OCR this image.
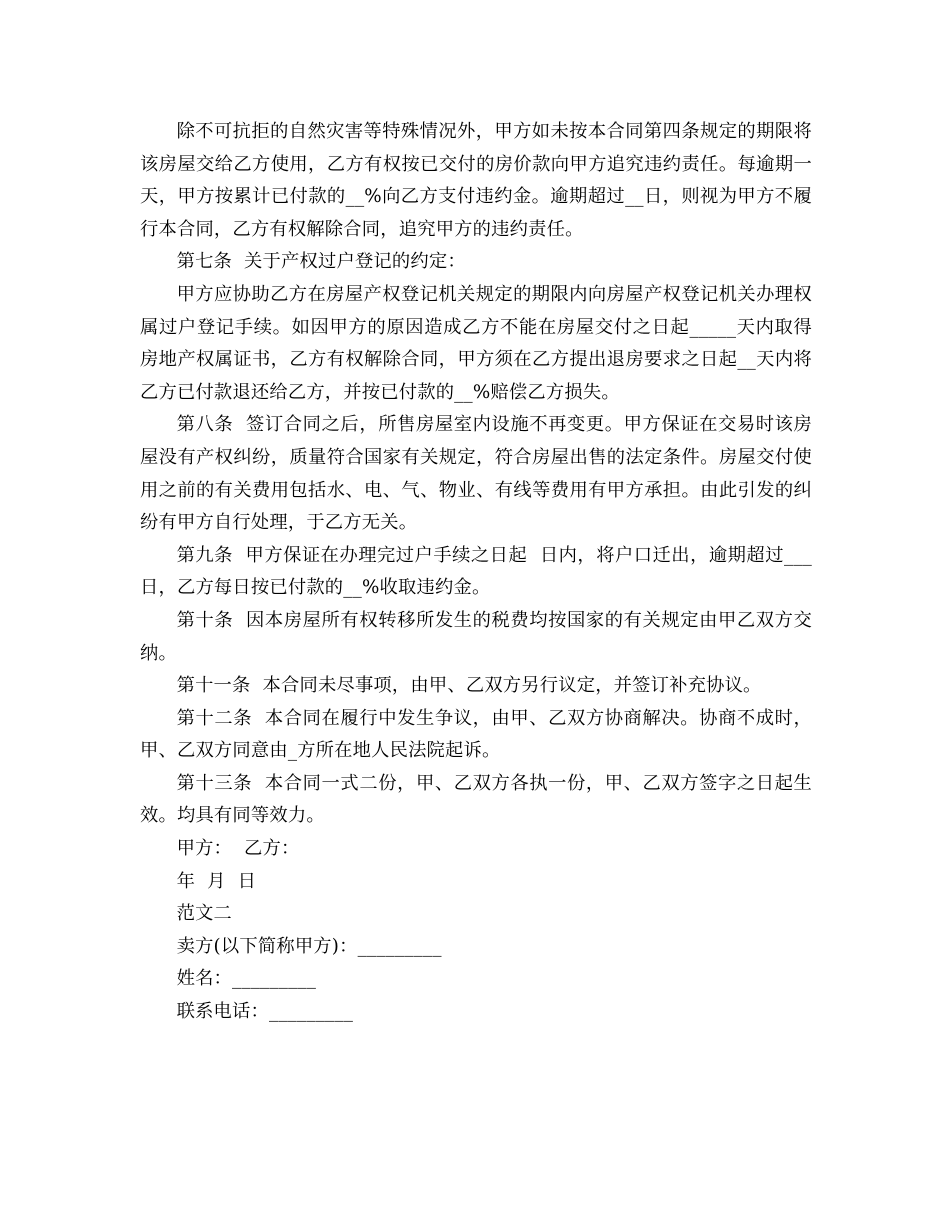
除不可抗拒的自然灾害等特殊情况外，甲方如未按本合同第四条规定的期限将该房屋交给乙方使用，乙方有权按已交付的房价款向甲方追究违约责任。每逾期一天，甲方按累计已付款的__%向乙方支付违约金。逾期超过__日，则视为甲方不履行本合同，乙方有权解除合同，追究甲方的违约责任。

第七条  关于产权过户登记的约定：

甲方应协助乙方在房屋产权登记机关规定的期限内向房屋产权登记机关办理权属过户登记手续。如因甲方的原因造成乙方不能在房屋交付之日起_____天内取得房地产权属证书，乙方有权解除合同，甲方须在乙方提出退房要求之日起__天内将乙方已付款退还给乙方，并按已付款的__%赔偿乙方损失。

第八条  签订合同之后，所售房屋室内设施不再变更。甲方保证在交易时该房屋没有产权纠纷，质量符合国家有关规定，符合房屋出售的法定条件。房屋交付使用之前的有关费用包括水、电、气、物业、有线等费用有甲方承担。由此引发的纠纷有甲方自行处理，于乙方无关。

第九条  甲方保证在办理完过户手续之日起  日内，将户口迁出，逾期超过___日，乙方每日按已付款的__%收取违约金。

第十条  因本房屋所有权转移所发生的税费均按国家的有关规定由甲乙双方交纳。

第十一条  本合同未尽事项，由甲、乙双方另行议定，并签订补充协议。

第十二条  本合同在履行中发生争议，由甲、乙双方协商解决。协商不成时，甲、乙双方同意由_方所在地人民法院起诉。

第十三条  本合同一式二份，甲、乙双方各执一份，甲、乙双方签字之日起生效。均具有同等效力。

甲方：  乙方：

年  月  日

范文二

卖方(以下简称甲方)：_________

姓名：_________

联系电话：_________
